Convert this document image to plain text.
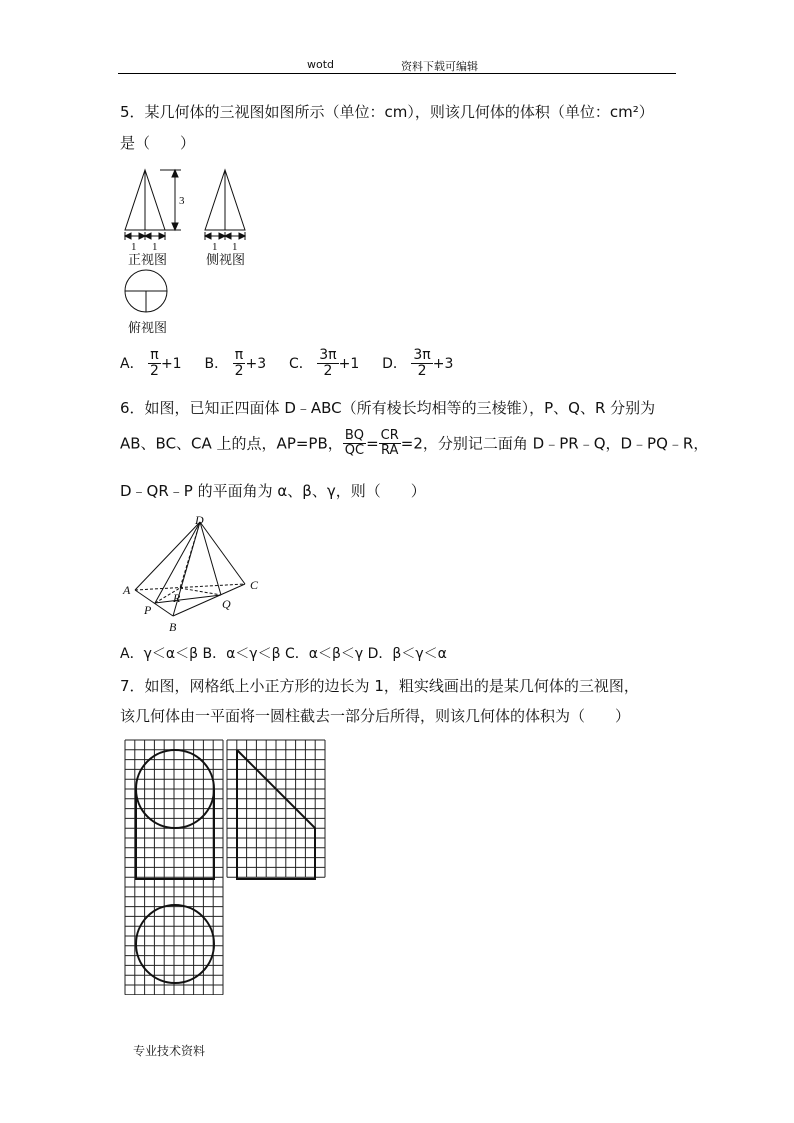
wotd	资料下载可编辑
5．某几何体的三视图如图所示（单位：cm），则该几何体的体积（单位：cm²）
是（　　）
3
1 1
正视图
1 1
侧视图
俯视图
A． $\frac{\pi}{2} +1$ B． $\frac{\pi}{2} +3$ C． $\frac{3\pi}{2} +1$ D． $\frac{3\pi}{2} +3$
6．如图，已知正四面体 D﹣ABC（所有棱长均相等的三棱锥），P、Q、R 分别为
AB、BC、CA 上的点，AP=PB， $\frac{BQ}{QC} = \frac{CR}{RA} =2$，分别记二面角 D﹣PR﹣Q，D﹣PQ﹣R，
D﹣QR﹣P 的平面角为 α、β、γ，则（　　）
D
A	C
R
P	Q
B
A．γ＜α＜β B．α＜γ＜β C．α＜β＜γ D．β＜γ＜α
7．如图，网格纸上小正方形的边长为 1，粗实线画出的是某几何体的三视图，
该几何体由一平面将一圆柱截去一部分后所得，则该几何体的体积为（　　）
专业技术资料
